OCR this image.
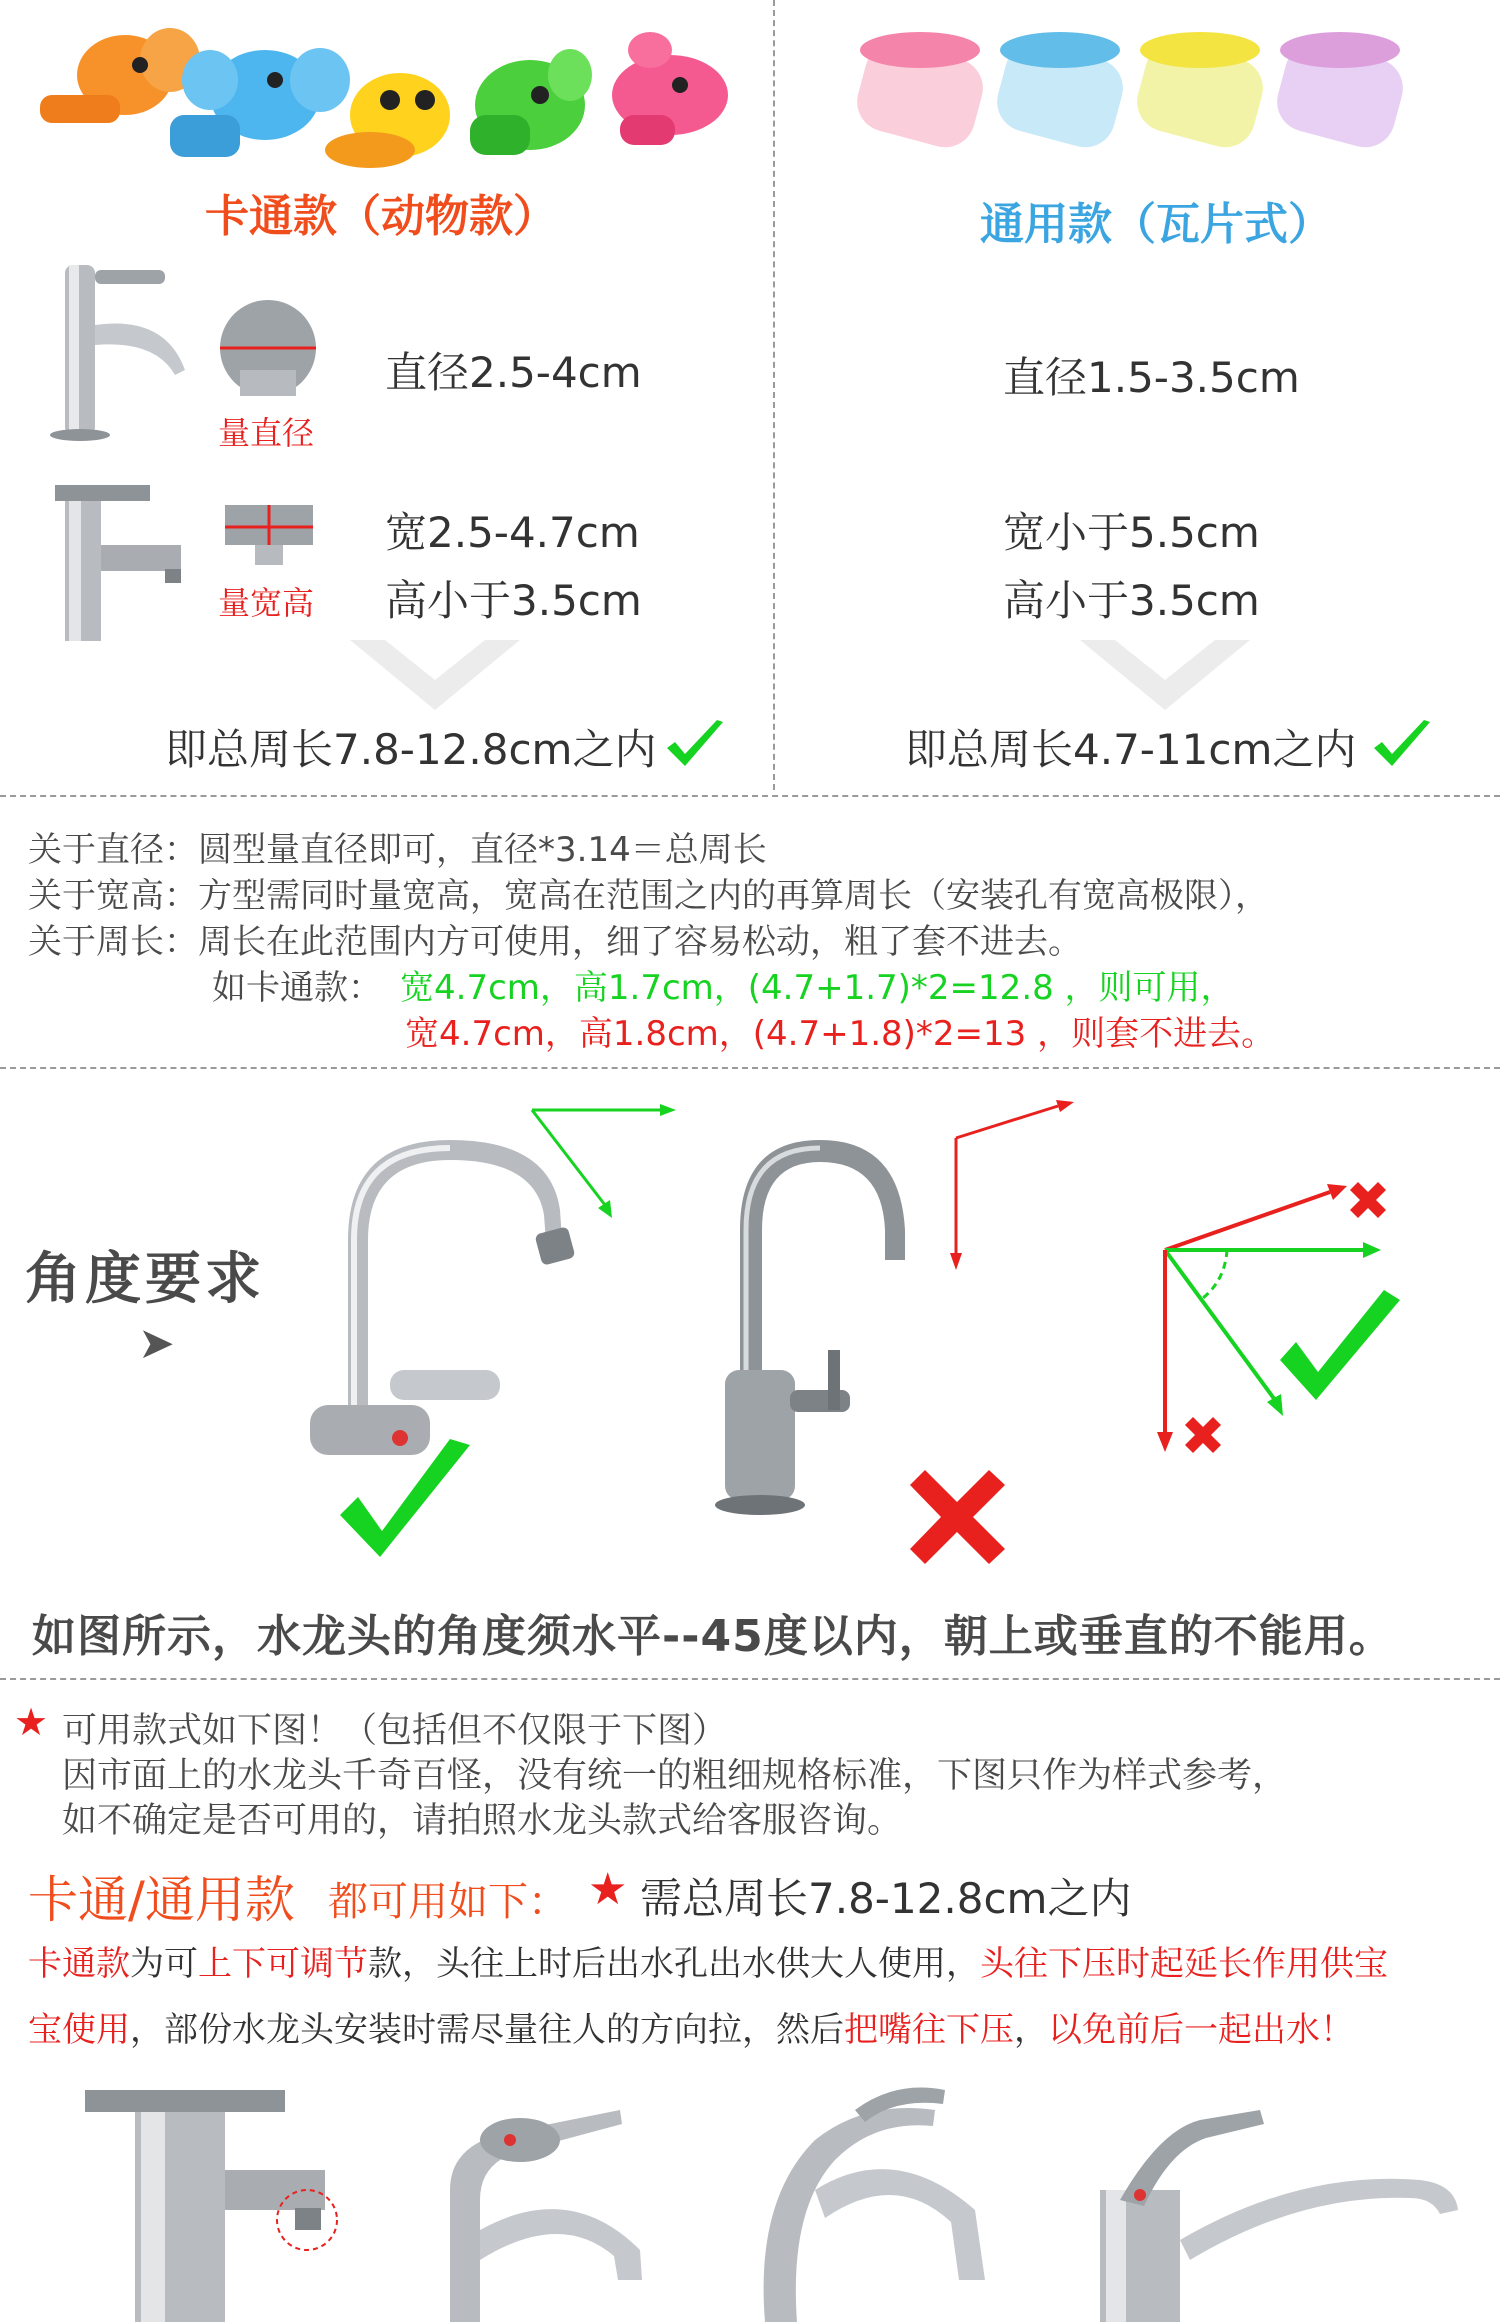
卡通款（动物款）	通用款（瓦片式）
量直径
直径2.5-4cm
量宽高
宽2.5-4.7cm
高小于3.5cm
直径1.5-3.5cm
宽小于5.5cm
高小于3.5cm
即总周长7.8-12.8cm之内	即总周长4.7-11cm之内
关于直径：圆型量直径即可，直径*3.14＝总周长
关于宽高：方型需同时量宽高，宽高在范围之内的再算周长（安装孔有宽高极限），
关于周长：周长在此范围内方可使用，细了容易松动，粗了套不进去。
如卡通款： 宽4.7cm，高1.7cm，(4.7+1.7)*2=12.8 ，则可用，
宽4.7cm，高1.8cm，(4.7+1.8)*2=13 ，则套不进去。
角度要求
➤
如图所示，水龙头的角度须水平--45度以内，朝上或垂直的不能用。
★ 可用款式如下图！（包括但不仅限于下图）
因市面上的水龙头千奇百怪，没有统一的粗细规格标准，下图只作为样式参考，
如不确定是否可用的，请拍照水龙头款式给客服咨询。
卡通/通用款 都可用如下： ★ 需总周长7.8-12.8cm之内
卡通款为可上下可调节款，头往上时后出水孔出水供大人使用，头往下压时起延长作用供宝
宝使用，部份水龙头安装时需尽量往人的方向拉，然后把嘴往下压，以免前后一起出水！
